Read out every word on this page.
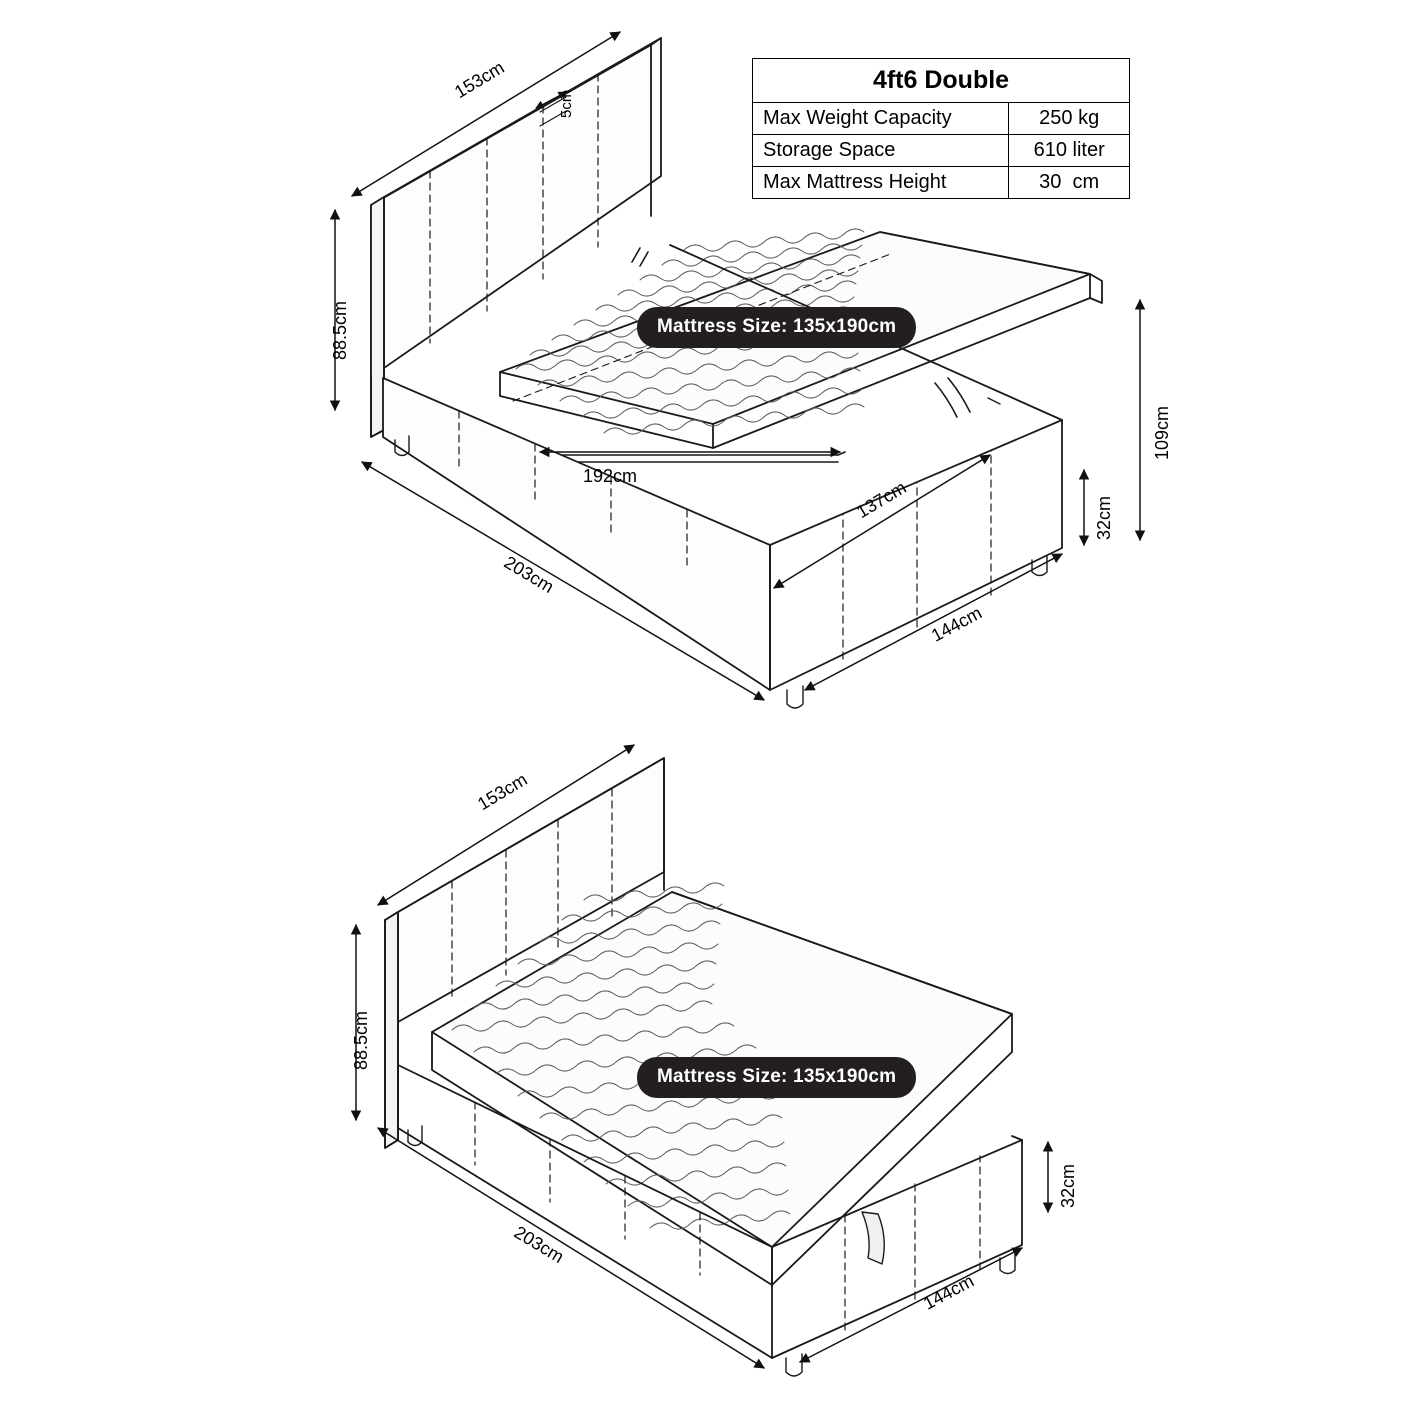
4ft6 Double	
Max Weight Capacity	250 kg
Storage Space	610 liter
Max Mattress Height	30  cm
Mattress Size: 135x190cm
Mattress Size: 135x190cm
153cm
5cm
88.5cm
192cm
137cm
203cm
144cm
32cm
109cm
153cm
88.5cm
203cm
144cm
32cm
